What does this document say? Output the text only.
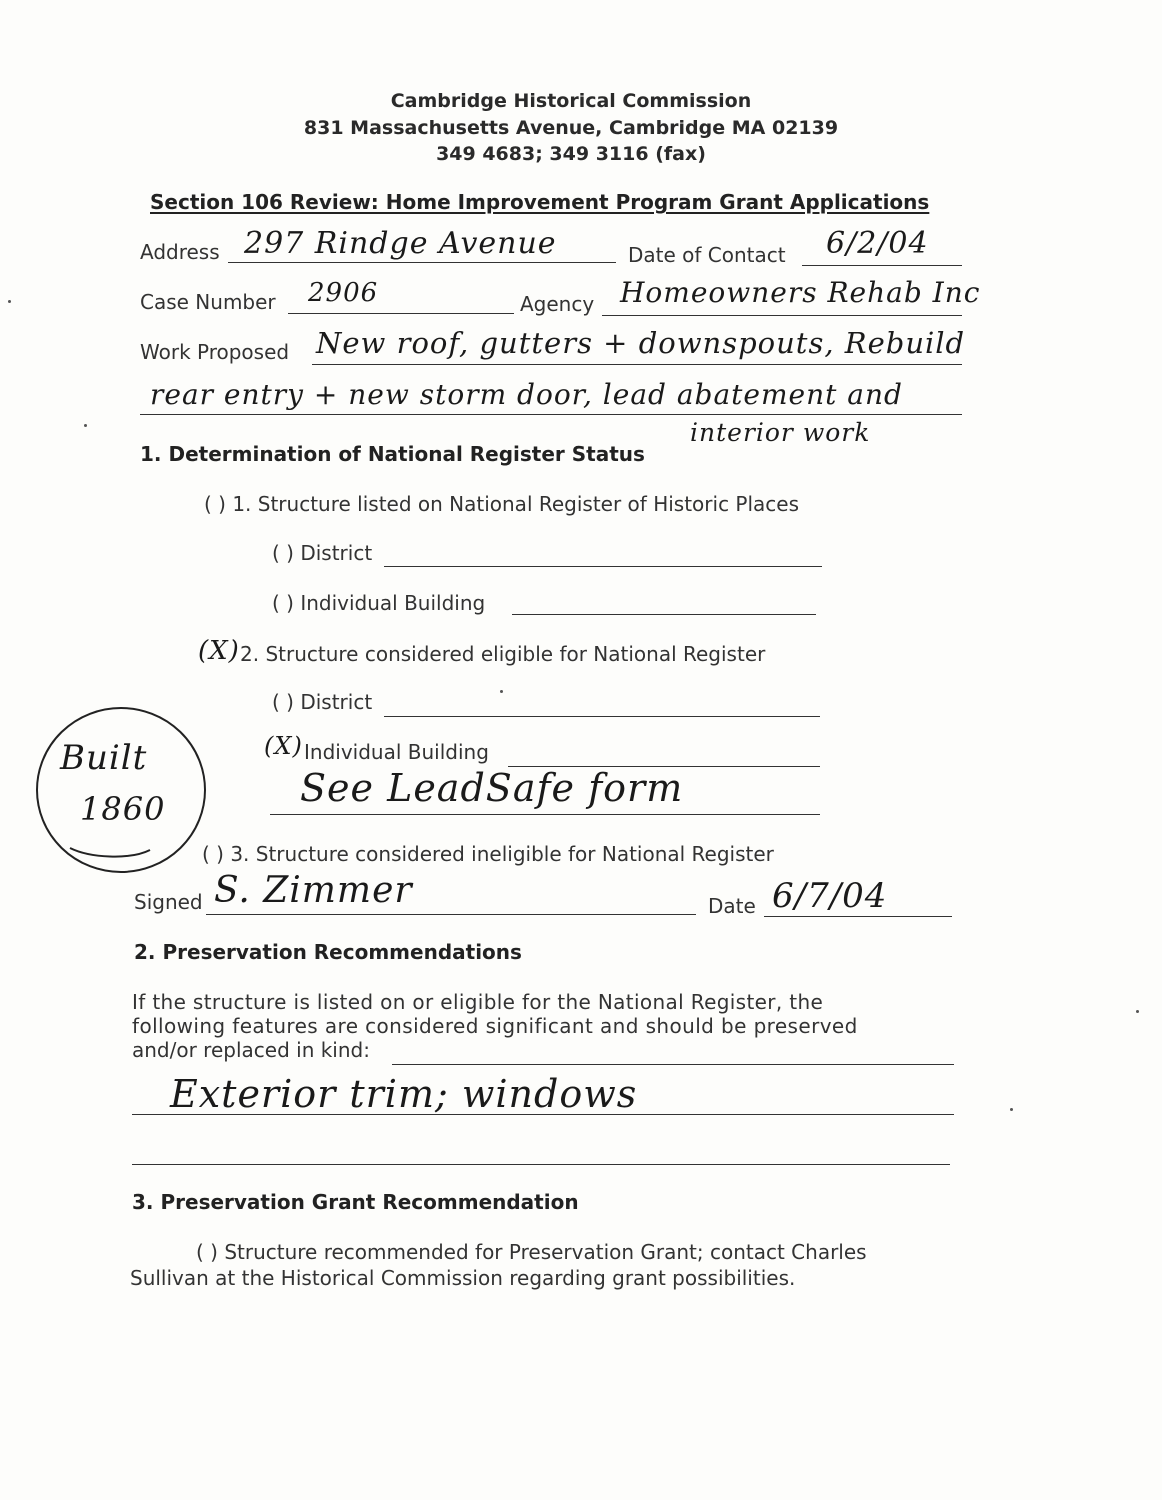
Cambridge Historical Commission
831 Massachusetts Avenue, Cambridge MA 02139
349 4683; 349 3116 (fax)
Section 106 Review: Home Improvement Program Grant Applications
Address 297 Rindge Avenue	Date of Contact 6/2/04
Case Number 2906	Agency Homeowners Rehab Inc
Work Proposed New roof, gutters + downspouts, Rebuild
rear entry + new storm door, lead abatement and
interior work
1. Determination of National Register Status
( ) 1. Structure listed on National Register of Historic Places
( ) District
( ) Individual Building
(X) 2. Structure considered eligible for National Register
( ) District
(X) Individual Building
See LeadSafe form
Built
1860
( ) 3. Structure considered ineligible for National Register
Signed S. Zimmer	Date 6/7/04
2. Preservation Recommendations
If the structure is listed on or eligible for the National Register, the
following features are considered significant and should be preserved
and/or replaced in kind:
Exterior trim; windows
3. Preservation Grant Recommendation
( ) Structure recommended for Preservation Grant; contact Charles
Sullivan at the Historical Commission regarding grant possibilities.
